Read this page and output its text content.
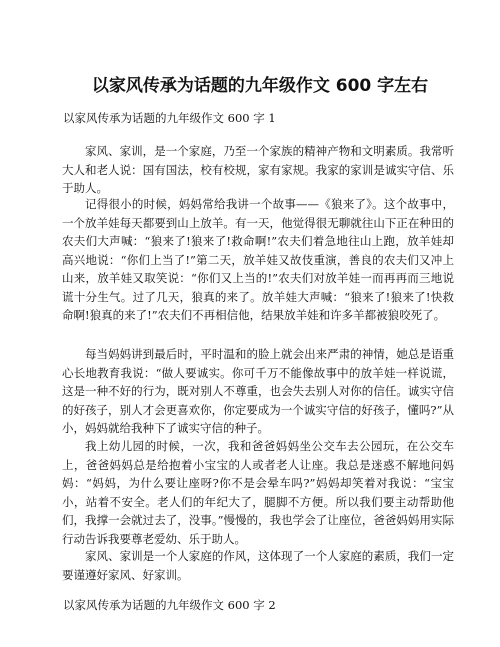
以家风传承为话题的九年级作文 600 字左右

以家风传承为话题的九年级作文 600 字 1

家风、家训，是一个家庭，乃至一个家族的精神产物和文明素质。我常听大人和老人说：国有国法，校有校规，家有家规。我家的家训是诚实守信、乐于助人。

记得很小的时候，妈妈常给我讲一个故事——《狼来了》。这个故事中，一个放羊娃每天都要到山上放羊。有一天，他觉得很无聊就往山下正在种田的农夫们大声喊：“狼来了!狼来了!救命啊!”农夫们着急地往山上跑，放羊娃却高兴地说：“你们上当了!”第二天，放羊娃又故伎重演，善良的农夫们又冲上山来，放羊娃又取笑说：“你们又上当的!”农夫们对放羊娃一而再再而三地说谎十分生气。过了几天，狼真的来了。放羊娃大声喊：“狼来了!狼来了!快救命啊!狼真的来了!”农夫们不再相信他，结果放羊娃和许多羊都被狼咬死了。

每当妈妈讲到最后时，平时温和的脸上就会出来严肃的神情，她总是语重心长地教育我说：“做人要诚实。你可千万不能像故事中的放羊娃一样说谎，这是一种不好的行为，既对别人不尊重，也会失去别人对你的信任。诚实守信的好孩子，别人才会更喜欢你，你定要成为一个诚实守信的好孩子，懂吗?”从小，妈妈就给我种下了诚实守信的种子。

我上幼儿园的时候，一次，我和爸爸妈妈坐公交车去公园玩，在公交车上，爸爸妈妈总是给抱着小宝宝的人或者老人让座。我总是迷惑不解地问妈妈：“妈妈，为什么要让座呀?你不是会晕车吗?”妈妈却笑着对我说：“宝宝小，站着不安全。老人们的年纪大了，腿脚不方便。所以我们要主动帮助他们，我撑一会就过去了，没事。”慢慢的，我也学会了让座位，爸爸妈妈用实际行动告诉我要尊老爱幼、乐于助人。

家风、家训是一个人家庭的作风，这体现了一个人家庭的素质，我们一定要谨遵好家风、好家训。

以家风传承为话题的九年级作文 600 字 2
